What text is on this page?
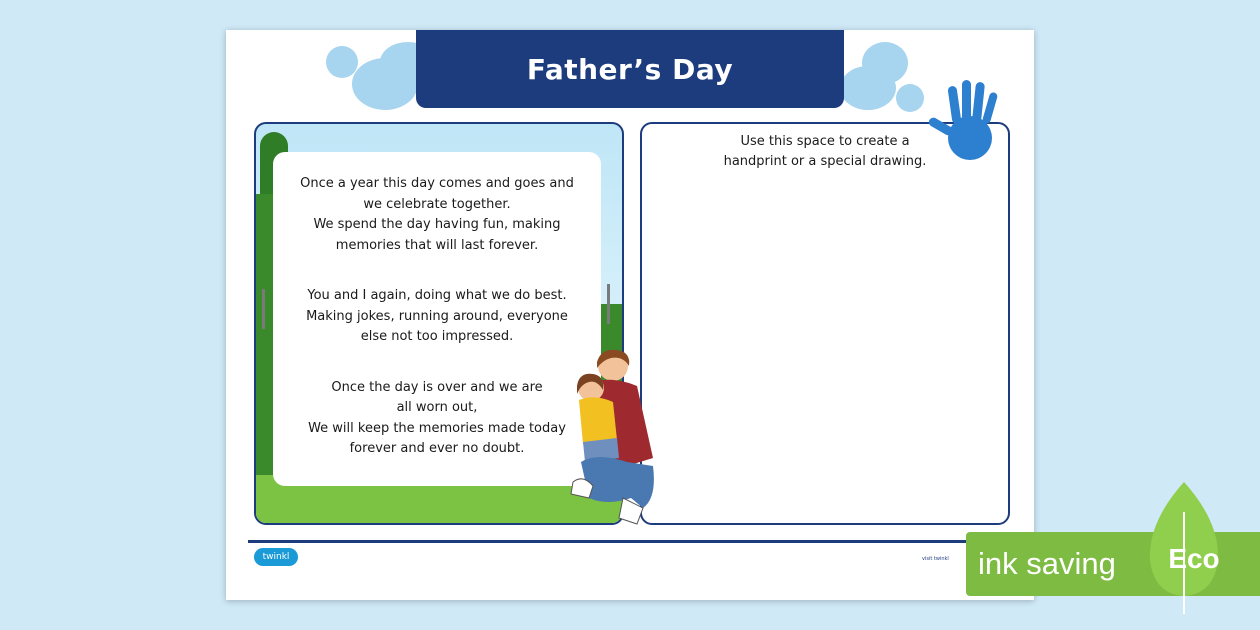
Father’s Day

Once a year this day comes and goes and

we celebrate together.

We spend the day having fun, making

memories that will last forever.

You and I again, doing what we do best.

Making jokes, running around, everyone

else not too impressed.

Once the day is over and we are

all worn out,

We will keep the memories made today

forever and ever no doubt.

Use this space to create a
handprint or a special drawing.
twinkl	visit twinkl ink saving	Eco
